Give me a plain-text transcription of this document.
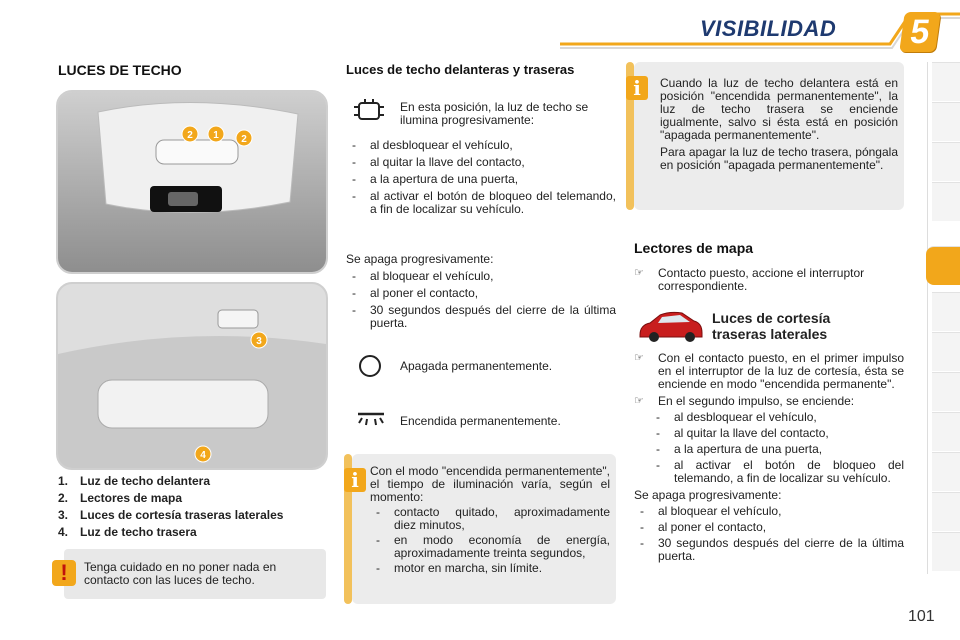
VISIBILIDAD 5
LUCES DE TECHO
2 1 2
3
4
1. Luz de techo delantera
2. Lectores de mapa
3. Luces de cortesía traseras laterales
4. Luz de techo trasera
!	Tenga cuidado en no poner nada en contacto con las luces de techo.
Luces de techo delanteras y traseras
En esta posición, la luz de techo se ilumina progresivamente:

- al desbloquear el vehículo,

- al quitar la llave del contacto,

- a la apertura de una puerta,

- al activar el botón de bloqueo del telemando, a fin de localizar su vehículo.

Se apaga progresivamente:

- al bloquear el vehículo,

- al poner el contacto,

- 30 segundos después del cierre de la última puerta.

Apagada permanentemente.
Encendida permanentemente.
i Con el modo "encendida permanentemente", el tiempo de iluminación varía, según el momento:

- contacto quitado, aproximadamente diez minutos,

- en modo economía de energía, aproximadamente treinta segundos,

- motor en marcha, sin límite.

i	Cuando la luz de techo delantera está en posición "encendida permanentemente", la luz de techo trasera se enciende igualmente, salvo si ésta está en posición "apagada permanentemente".

Para apagar la luz de techo trasera, póngala en posición "apagada permanentemente".

Lectores de mapa

☞ Contacto puesto, accione el interruptor correspondiente.

Luces de cortesía
traseras laterales

☞ Con el contacto puesto, en el primer impulso en el interruptor de la luz de cortesía, ésta se enciende en modo "encendida permanente".

☞ En el segundo impulso, se enciende:

- al desbloquear el vehículo,

- al quitar la llave del contacto,

- a la apertura de una puerta,

- al activar el botón de bloqueo del telemando, a fin de localizar su vehículo.

Se apaga progresivamente:

- al bloquear el vehículo,

- al poner el contacto,

- 30 segundos después del cierre de la última puerta.

101
